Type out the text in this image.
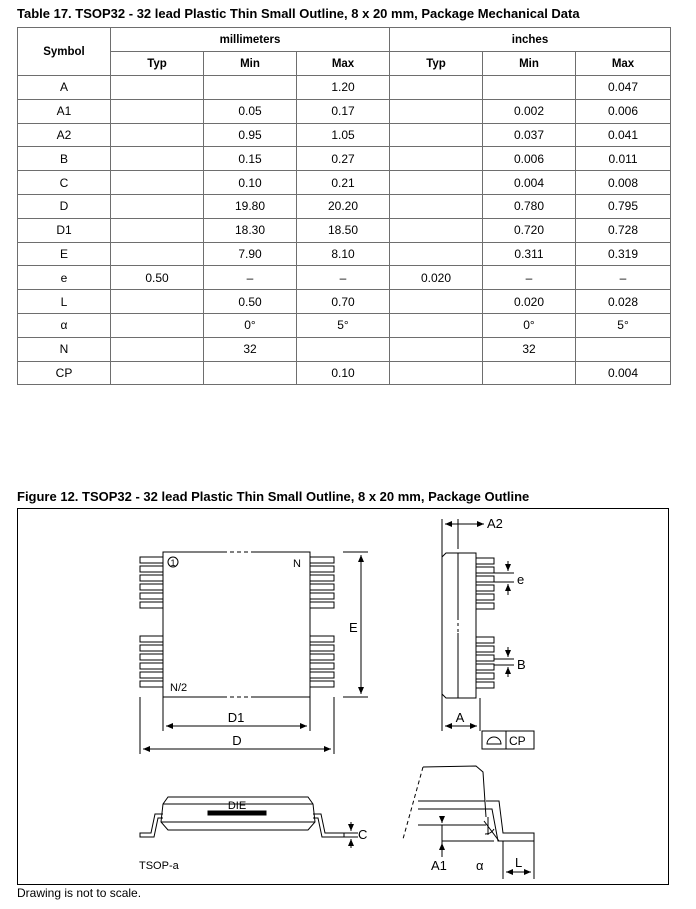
Table 17. TSOP32 - 32 lead Plastic Thin Small Outline, 8 x 20 mm, Package Mechanical Data
Symbol	millimeters			inches		
	Typ	Min	Max	Typ	Min	Max
A			1.20			0.047
A1		0.05	0.17		0.002	0.006
A2		0.95	1.05		0.037	0.041
B		0.15	0.27		0.006	0.011
C		0.10	0.21		0.004	0.008
D		19.80	20.20		0.780	0.795
D1		18.30	18.50		0.720	0.728
E		7.90	8.10		0.311	0.319
e	0.50	–	–	0.020	–	–
L		0.50	0.70		0.020	0.028
α		0°	5°		0°	5°
N		32			32	
CP			0.10			0.004
Figure 12. TSOP32 - 32 lead Plastic Thin Small Outline, 8 x 20 mm, Package Outline
1	N
N/2
E
D1
D
A2
e
B
A
CP
DIE
C
TSOP-a	A1 α L
Drawing is not to scale.
